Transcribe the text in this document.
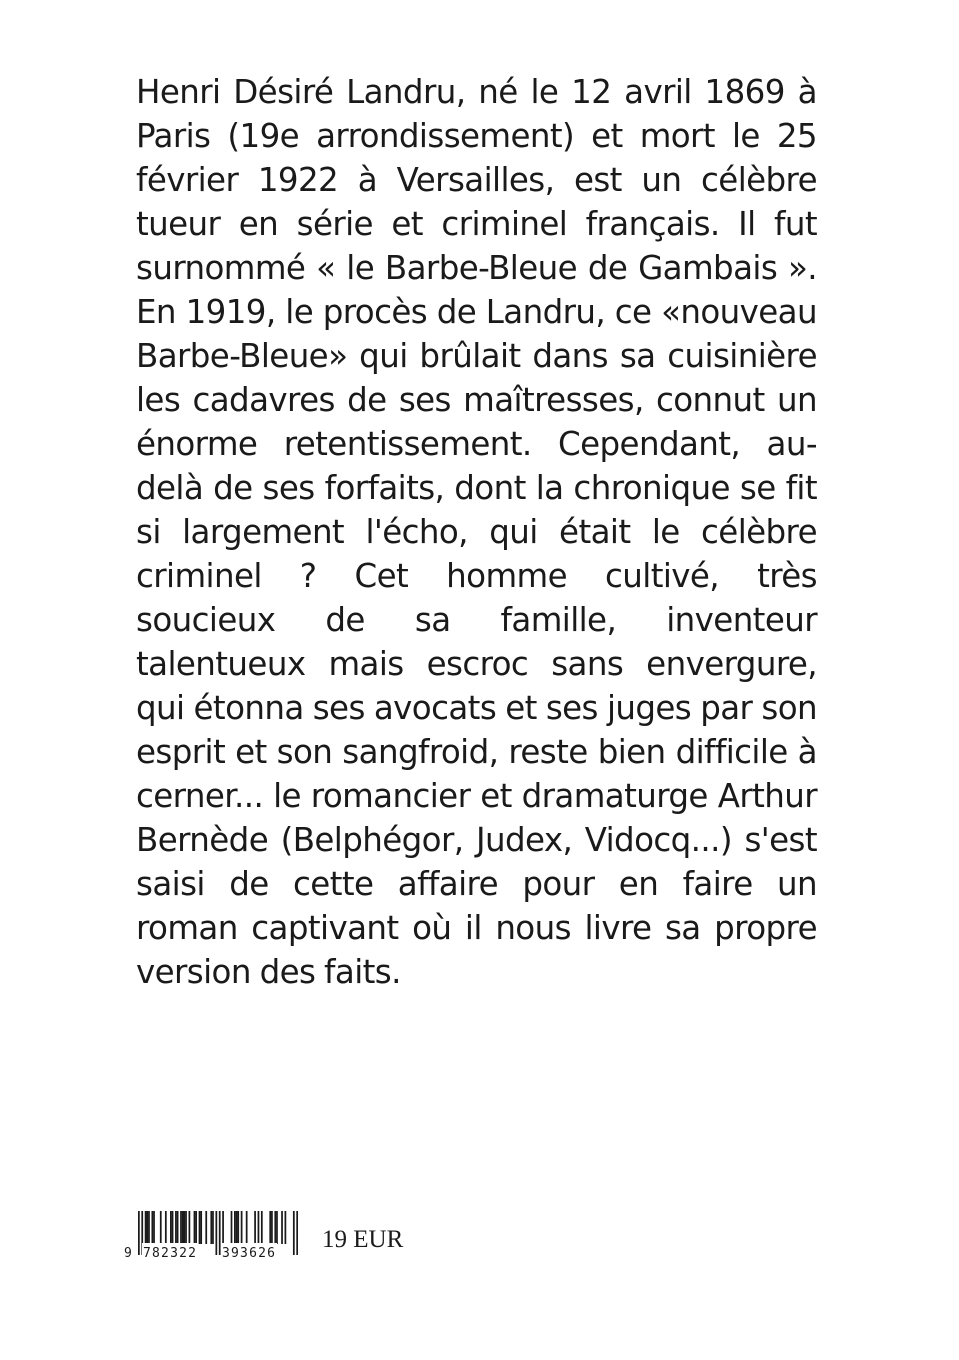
Henri Désiré Landru, né le 12 avril 1869 à Paris (19e arrondissement) et mort le 25 février 1922 à Versailles, est un célèbre tueur en série et criminel français. Il fut surnommé « le Barbe-Bleue de Gambais ». En 1919, le procès de Landru, ce «nouveau Barbe-Bleue» qui brûlait dans sa cuisinière les cadavres de ses maîtresses, connut un énorme retentissement. Cependant, au-delà de ses forfaits, dont la chronique se fit si largement l'écho, qui était le célèbre criminel ? Cet homme cultivé, très soucieux de sa famille, inventeur talentueux mais escroc sans envergure, qui étonna ses avocats et ses juges par son esprit et son sangfroid, reste bien difficile à cerner... le romancier et dramaturge Arthur Bernède (Belphégor, Judex, Vidocq...) s'est saisi de cette affaire pour en faire un roman captivant où il nous livre sa propre version des faits.

9 782322 393626
19 EUR
